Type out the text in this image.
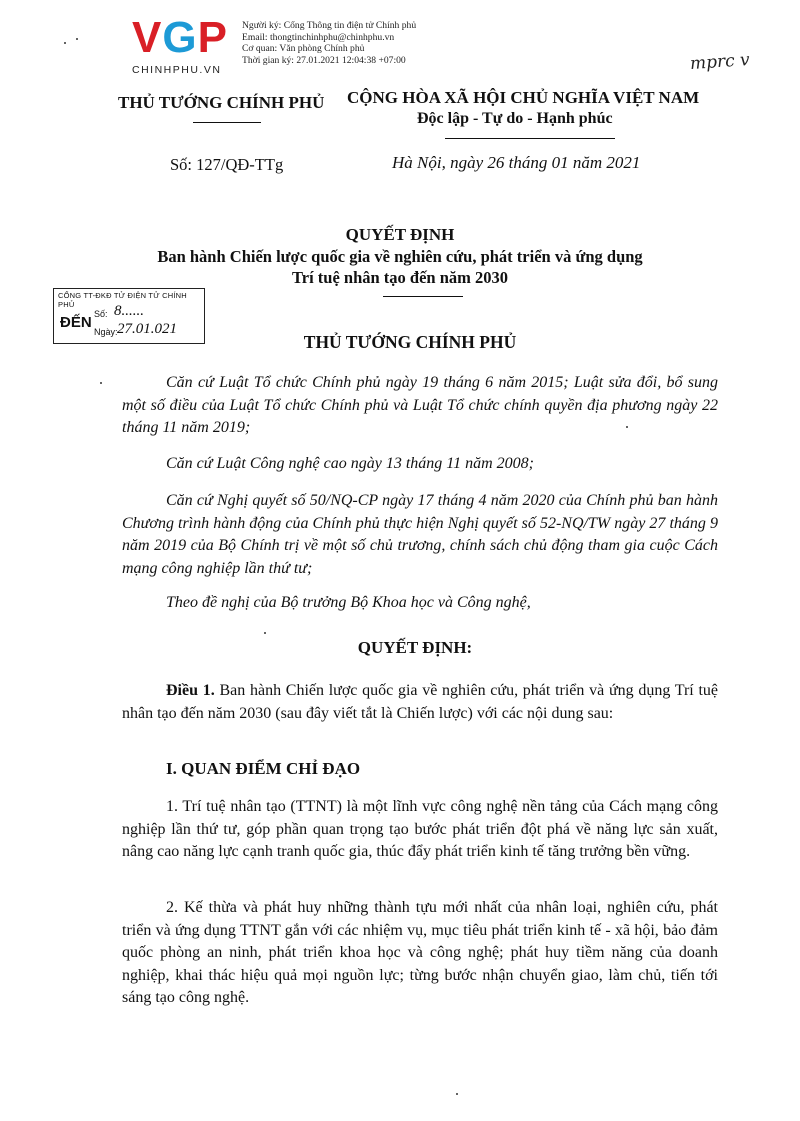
VGP
CHINHPHU.VN
Người ký: Cổng Thông tin điện tử Chính phủ
Email: thongtinchinhphu@chinhphu.vn
Cơ quan: Văn phòng Chính phủ
Thời gian ký: 27.01.2021 12:04:38 +07:00	mprc v
THỦ TƯỚNG CHÍNH PHỦ CỘNG HÒA XÃ HỘI CHỦ NGHĨA VIỆT NAM
Độc lập - Tự do - Hạnh phúc
Số: 127/QĐ-TTg	Hà Nội, ngày 26 tháng 01 năm 2021
QUYẾT ĐỊNH
Ban hành Chiến lược quốc gia về nghiên cứu, phát triển và ứng dụng
Trí tuệ nhân tạo đến năm 2030
CỔNG TT-ĐKĐ TỬ ĐIỆN TỬ CHÍNH PHỦ
ĐẾN Số: 8......
Ngày: 27.01.021
THỦ TƯỚNG CHÍNH PHỦ
Căn cứ Luật Tổ chức Chính phủ ngày 19 tháng 6 năm 2015; Luật sửa đổi, bổ sung một số điều của Luật Tổ chức Chính phủ và Luật Tổ chức chính quyền địa phương ngày 22 tháng 11 năm 2019;
Căn cứ Luật Công nghệ cao ngày 13 tháng 11 năm 2008;
Căn cứ Nghị quyết số 50/NQ-CP ngày 17 tháng 4 năm 2020 của Chính phủ ban hành Chương trình hành động của Chính phủ thực hiện Nghị quyết số 52-NQ/TW ngày 27 tháng 9 năm 2019 của Bộ Chính trị về một số chủ trương, chính sách chủ động tham gia cuộc Cách mạng công nghiệp lần thứ tư;
Theo đề nghị của Bộ trưởng Bộ Khoa học và Công nghệ,
QUYẾT ĐỊNH:
Điều 1. Ban hành Chiến lược quốc gia về nghiên cứu, phát triển và ứng dụng Trí tuệ nhân tạo đến năm 2030 (sau đây viết tắt là Chiến lược) với các nội dung sau:
I. QUAN ĐIỂM CHỈ ĐẠO
1. Trí tuệ nhân tạo (TTNT) là một lĩnh vực công nghệ nền tảng của Cách mạng công nghiệp lần thứ tư, góp phần quan trọng tạo bước phát triển đột phá về năng lực sản xuất, nâng cao năng lực cạnh tranh quốc gia, thúc đẩy phát triển kinh tế tăng trưởng bền vững.
2. Kế thừa và phát huy những thành tựu mới nhất của nhân loại, nghiên cứu, phát triển và ứng dụng TTNT gắn với các nhiệm vụ, mục tiêu phát triển kinh tế - xã hội, bảo đảm quốc phòng an ninh, phát triển khoa học và công nghệ; phát huy tiềm năng của doanh nghiệp, khai thác hiệu quả mọi nguồn lực; từng bước nhận chuyển giao, làm chủ, tiến tới sáng tạo công nghệ.
